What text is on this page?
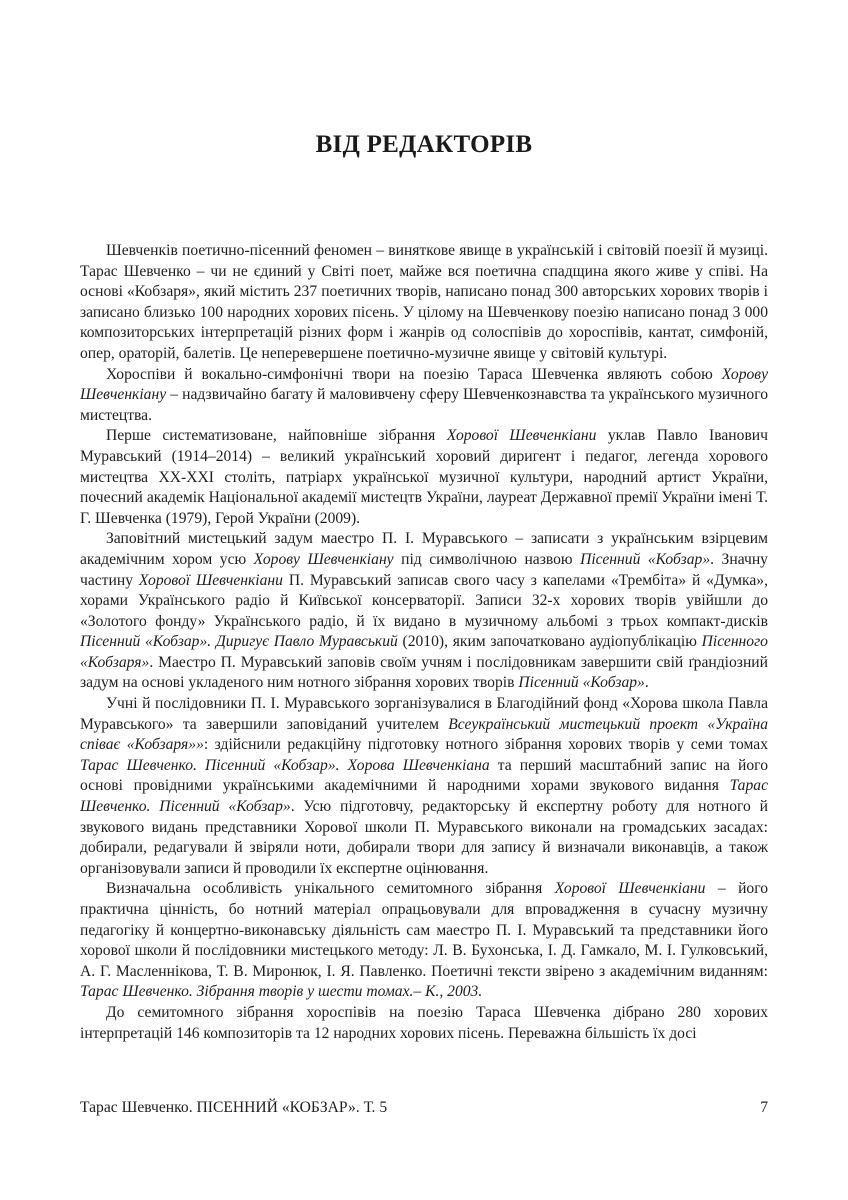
ВІД РЕДАКТОРІВ

Шевченків поетично-пісенний феномен – виняткове явище в українській і світовій поезії й музиці. Тарас Шевченко – чи не єдиний у Світі поет, майже вся поетична спадщина якого живе у співі. На основі «Кобзаря», який містить 237 поетичних творів, написано понад 300 авторських хорових творів і записано близько 100 народних хорових пісень. У цілому на Шевченкову поезію написано понад 3 000 композиторських інтерпретацій різних форм і жанрів од солоспівів до хороспівів, кантат, симфоній, опер, ораторій, балетів. Це неперевершене поетично-музичне явище у світовій культурі.

Хороспіви й вокально-симфонічні твори на поезію Тараса Шевченка являють собою Хорову Шевченкіану – надзвичайно багату й маловивчену сферу Шевченкознавства та українського музичного мистецтва.

Перше систематизоване, найповніше зібрання Хорової Шевченкіани уклав Павло Іванович Муравський (1914–2014) – великий український хоровий диригент і педагог, легенда хорового мистецтва ХХ-ХХІ століть, патріарх української музичної культури, народний артист України, почесний академік Національної академії мистецтв України, лауреат Державної премії України імені Т. Г. Шевченка (1979), Герой України (2009).

Заповітний мистецький задум маестро П. І. Муравського – записати з українським взірцевим академічним хором усю Хорову Шевченкіану під символічною назвою Пісенний «Кобзар». Значну частину Хорової Шевченкіани П. Муравський записав свого часу з капелами «Трембіта» й «Думка», хорами Українського радіо й Київської консерваторії. Записи 32-х хорових творів увійшли до «Золотого фонду» Українського радіо, й їх видано в музичному альбомі з трьох компакт-дисків Пісенний «Кобзар». Диригує Павло Муравський (2010), яким започатковано аудіопублікацію Пісенного «Кобзаря». Маестро П. Муравський заповів своїм учням і послідовникам завершити свій ґрандіозний задум на основі укладеного ним нотного зібрання хорових творів Пісенний «Кобзар».

Учні й послідовники П. І. Муравського зорганізувалися в Благодійний фонд «Хорова школа Павла Муравського» та завершили заповіданий учителем Всеукраїнський мистецький проект «Україна співає «Кобзаря»»: здійснили редакційну підготовку нотного зібрання хорових творів у семи томах Тарас Шевченко. Пісенний «Кобзар». Хорова Шевченкіана та перший масштабний запис на його основі провідними українськими академічними й народними хорами звукового видання Тарас Шевченко. Пісенний «Кобзар». Усю підготовчу, редакторську й експертну роботу для нотного й звукового видань представники Хорової школи П. Муравського виконали на громадських засадах: добирали, редагували й звіряли ноти, добирали твори для запису й визначали виконавців, а також організовували записи й проводили їх експертне оцінювання.

Визначальна особливість унікального семитомного зібрання Хорової Шевченкіани – його практична цінність, бо нотний матеріал опрацьовували для впровадження в сучасну музичну педагогіку й концертно-виконавську діяльність сам маестро П. І. Муравський та представники його хорової школи й послідовники мистецького методу: Л. В. Бухонська, І. Д. Гамкало, М. І. Гулковський, А. Г. Масленнікова, Т. В. Миронюк, І. Я. Павленко. Поетичні тексти звірено з академічним виданням: Тарас Шевченко. Зібрання творів у шести томах.– К., 2003.

До семитомного зібрання хороспівів на поезію Тараса Шевченка дібрано 280 хорових інтерпретацій 146 композиторів та 12 народних хорових пісень. Переважна більшість їх досі

Тарас Шевченко. ПІСЕННИЙ «КОБЗАР». Т. 5	7
